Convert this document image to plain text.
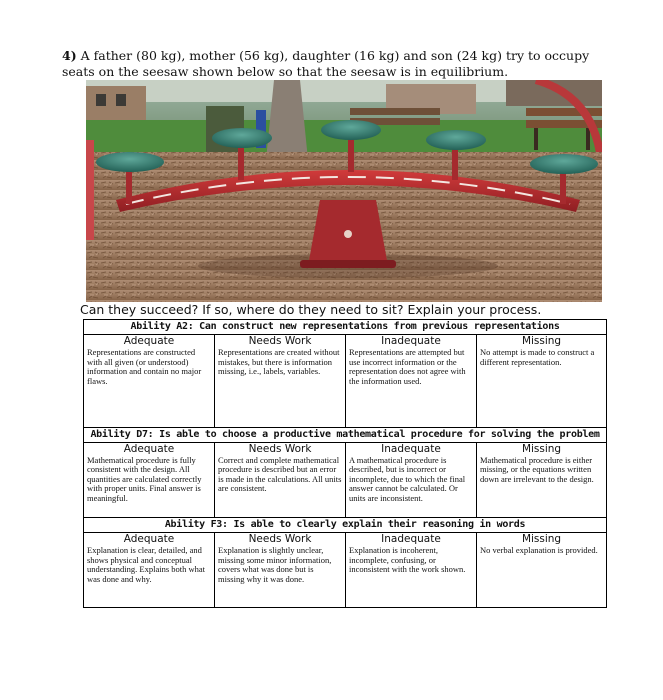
4) A father (80 kg), mother (56 kg), daughter (16 kg) and son (24 kg) try to occupy seats on the seesaw shown below so that the seesaw is in equilibrium.
Can they succeed? If so, where do they need to sit? Explain your process.
Ability A2: Can construct new representations from previous representations			
Adequate	Needs Work	Inadequate	Missing
Representations are constructed with all given (or understood) information and contain no major flaws.	Representations are created without mistakes, but there is information missing, i.e., labels, variables.	Representations are attempted but use incorrect information or the representation does not agree with the information used.	No attempt is made to construct a different representation.
Ability D7: Is able to choose a productive mathematical procedure for solving the problem			
Adequate	Needs Work	Inadequate	Missing
Mathematical procedure is fully consistent with the design. All quantities are calculated correctly with proper units. Final answer is meaningful.	Correct and complete mathematical procedure is described but an error is made in the calculations. All units are consistent.	A mathematical procedure is described, but is incorrect or incomplete, due to which the final answer cannot be calculated. Or units are inconsistent.	Mathematical procedure is either missing, or the equations written down are irrelevant to the design.
Ability F3: Is able to clearly explain their reasoning in words			
Adequate	Needs Work	Inadequate	Missing
Explanation is clear, detailed, and shows physical and conceptual understanding. Explains both what was done and why.	Explanation is slightly unclear, missing some minor information, covers what was done but is missing why it was done.	Explanation is incoherent, incomplete, confusing, or inconsistent with the work shown.	No verbal explanation is provided.
